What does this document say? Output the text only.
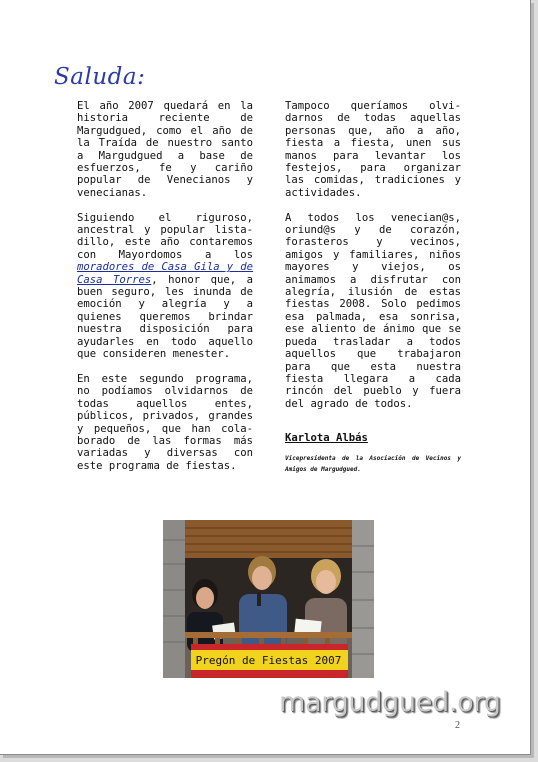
Saluda:

El año 2007 quedará en la historia reciente de Margudgued, como el año de la Traída de nuestro santo a Margudgued a base de esfuerzos, fe y cariño popular de Venecianos y venecianas.

Siguiendo el riguroso, ancestral y popular lista-dillo, este año contaremos con Mayordomos a los moradores de Casa Gila y de Casa Torres, honor que, a buen seguro, les inunda de emoción y alegría y a quienes queremos brindar nuestra disposición para ayudarles en todo aquello que consideren menester.

En este segundo programa, no podíamos olvidarnos de todas aquellos entes, públicos, privados, grandes y pequeños, que han cola-borado de las formas más variadas y diversas con este programa de fiestas.

Tampoco queríamos olvi-darnos de todas aquellas personas que, año a año, fiesta a fiesta, unen sus manos para levantar los festejos, para organizar las comidas, tradiciones y actividades.

A todos los venecian@s, oriund@s y de corazón, forasteros y vecinos, amigos y familiares, niños mayores y viejos, os animamos a disfrutar con alegría, ilusión de estas fiestas 2008. Solo pedimos esa palmada, esa sonrisa, ese aliento de ánimo que se pueda trasladar a todos aquellos que trabajaron para que esta nuestra fiesta llegara a cada rincón del pueblo y fuera del agrado de todos.

Karlota Albás
Vicepresidenta de la Asociación de Vecinos y Amigos de Margudgued.
Pregón de Fiestas 2007
margudgued.org
2
